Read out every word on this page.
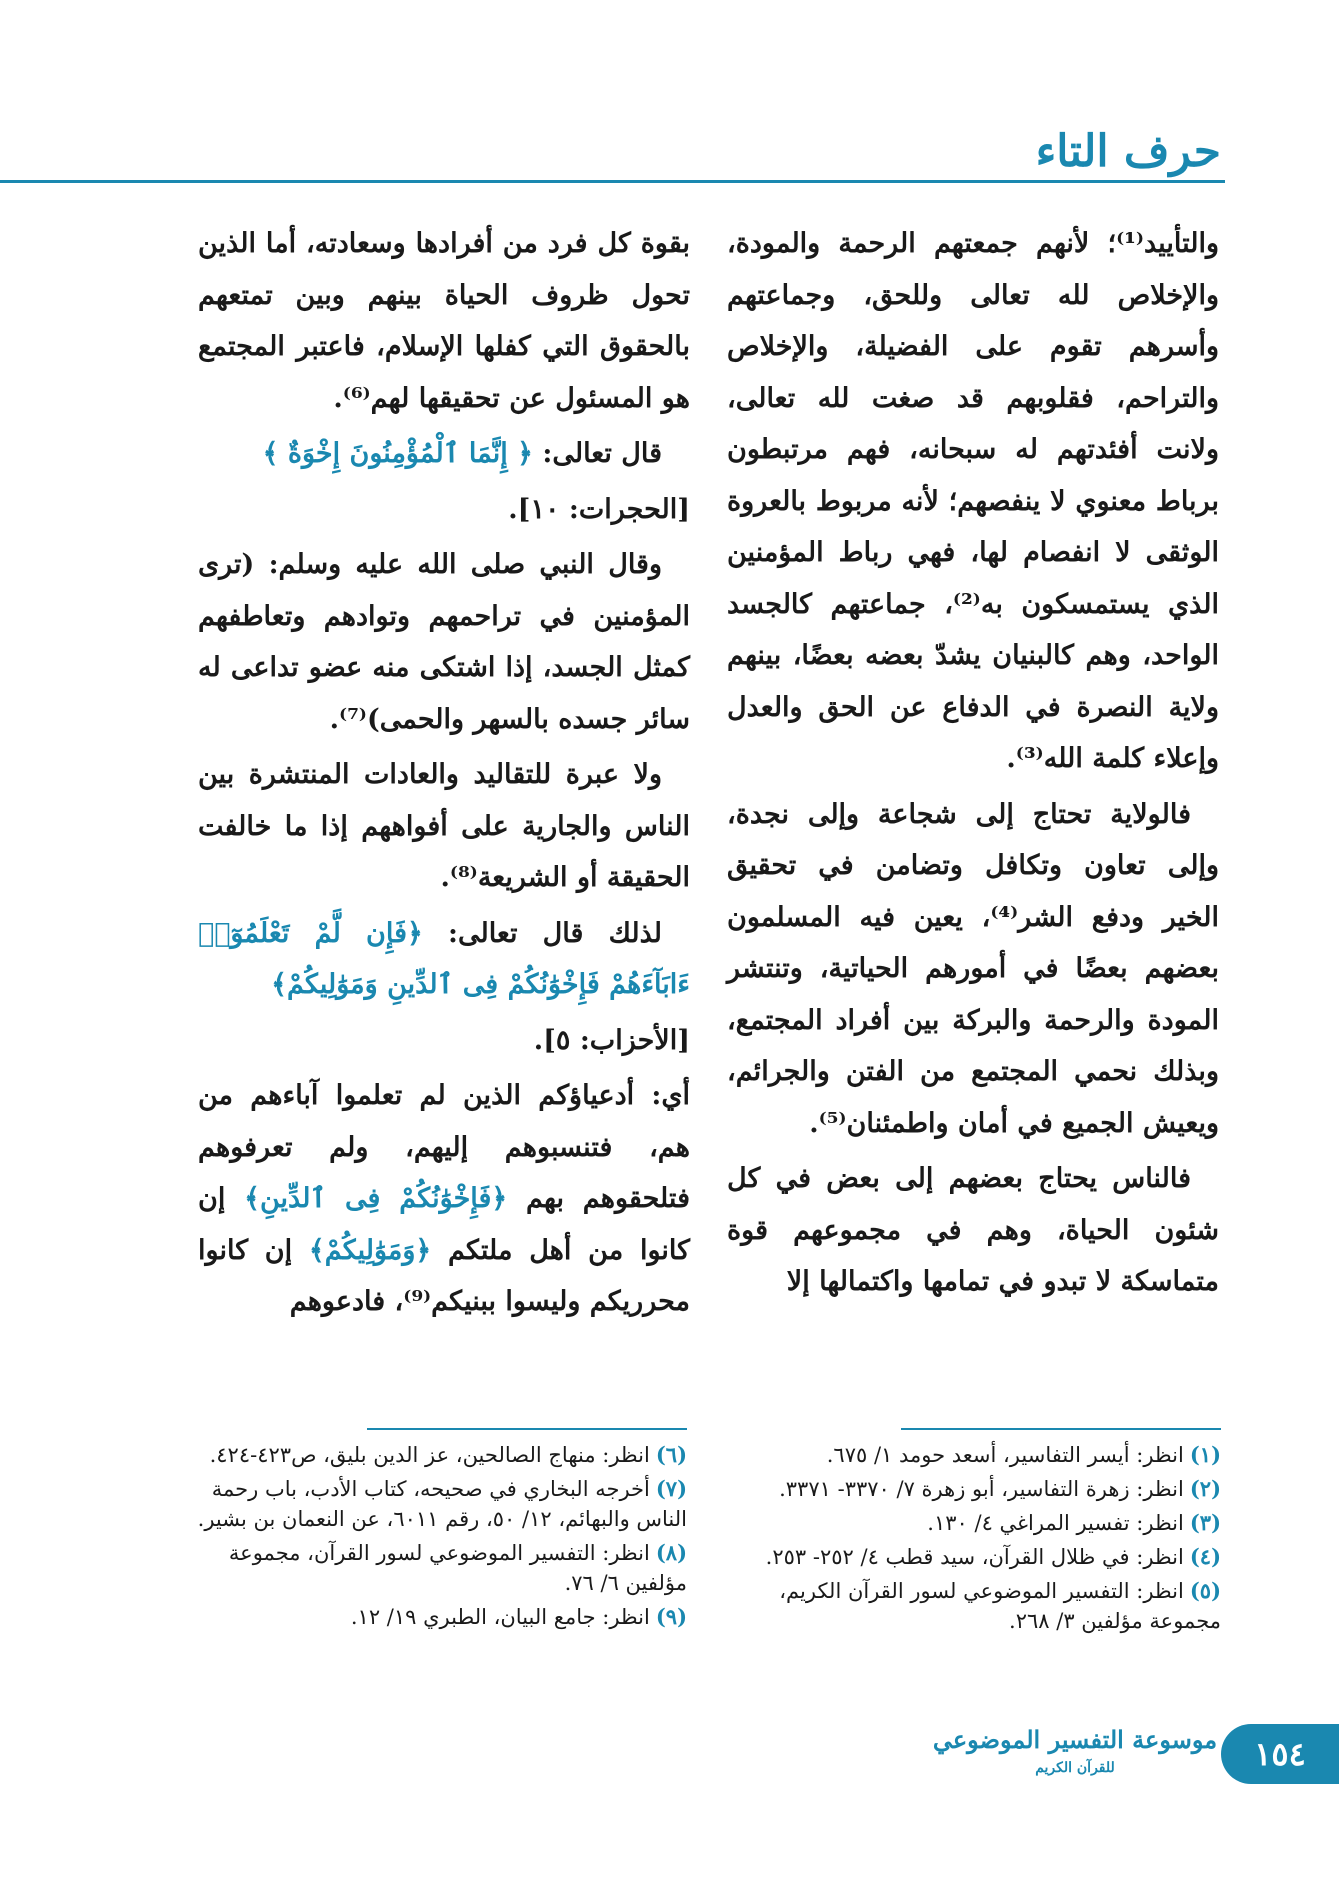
حرف التاء

والتأييد⁽¹⁾؛ لأنهم جمعتهم الرحمة والمودة، والإخلاص لله تعالى وللحق، وجماعتهم وأسرهم تقوم على الفضيلة، والإخلاص والتراحم، فقلوبهم قد صغت لله تعالى، ولانت أفئدتهم له سبحانه، فهم مرتبطون برباط معنوي لا ينفصهم؛ لأنه مربوط بالعروة الوثقى لا انفصام لها، فهي رباط المؤمنين الذي يستمسكون به⁽²⁾، جماعتهم كالجسد الواحد، وهم كالبنيان يشدّ بعضه بعضًا، بينهم ولاية النصرة في الدفاع عن الحق والعدل وإعلاء كلمة الله⁽³⁾.

فالولاية تحتاج إلى شجاعة وإلى نجدة، وإلى تعاون وتكافل وتضامن في تحقيق الخير ودفع الشر⁽⁴⁾، يعين فيه المسلمون بعضهم بعضًا في أمورهم الحياتية، وتنتشر المودة والرحمة والبركة بين أفراد المجتمع، وبذلك نحمي المجتمع من الفتن والجرائم، ويعيش الجميع في أمان واطمئنان⁽⁵⁾.

فالناس يحتاج بعضهم إلى بعض في كل شئون الحياة، وهم في مجموعهم قوة متماسكة لا تبدو في تمامها واكتمالها إلا

بقوة كل فرد من أفرادها وسعادته، أما الذين تحول ظروف الحياة بينهم وبين تمتعهم بالحقوق التي كفلها الإسلام، فاعتبر المجتمع هو المسئول عن تحقيقها لهم⁽⁶⁾.

قال تعالى: ﴿ إِنَّمَا ٱلْمُؤْمِنُونَ إِخْوَةٌ ﴾

[الحجرات: ١٠].

وقال النبي صلى الله عليه وسلم: (ترى المؤمنين في تراحمهم وتوادهم وتعاطفهم كمثل الجسد، إذا اشتكى منه عضو تداعى له سائر جسده بالسهر والحمى)⁽⁷⁾.

ولا عبرة للتقاليد والعادات المنتشرة بين الناس والجارية على أفواههم إذا ما خالفت الحقيقة أو الشريعة⁽⁸⁾.

لذلك قال تعالى: ﴿فَإِن لَّمْ تَعْلَمُوٓا۟ ءَابَآءَهُمْ فَإِخْوَٰنُكُمْ فِى ٱلدِّينِ وَمَوَٰلِيكُمْ﴾

[الأحزاب: ٥].

أي: أدعياؤكم الذين لم تعلموا آباءهم من هم، فتنسبوهم إليهم، ولم تعرفوهم فتلحقوهم بهم ﴿فَإِخْوَٰنُكُمْ فِى ٱلدِّينِ﴾ إن كانوا من أهل ملتكم ﴿وَمَوَٰلِيكُمْ﴾ إن كانوا محرريكم وليسوا ببنيكم⁽⁹⁾، فادعوهم

(١)انظر: أيسر التفاسير، أسعد حومد ١/ ٦٧٥.
(٢)انظر: زهرة التفاسير، أبو زهرة ٧/ ٣٣٧٠- ٣٣٧١.
(٣)انظر: تفسير المراغي ٤/ ١٣٠.
(٤)انظر: في ظلال القرآن، سيد قطب ٤/ ٢٥٢- ٢٥٣.
(٥)انظر: التفسير الموضوعي لسور القرآن الكريم، مجموعة مؤلفين ٣/ ٢٦٨.
(٦)انظر: منهاج الصالحين، عز الدين بليق، ص٤٢٣-٤٢٤.
(٧)أخرجه البخاري في صحيحه، كتاب الأدب، باب رحمة الناس والبهائم، ١٢/ ٥٠، رقم ٦٠١١، عن النعمان بن بشير.
(٨)انظر: التفسير الموضوعي لسور القرآن، مجموعة مؤلفين ٦/ ٧٦.
(٩)انظر: جامع البيان، الطبري ١٩/ ١٢.
موسوعة التفسير الموضوعي
للقرآن الكريم	١٥٤
